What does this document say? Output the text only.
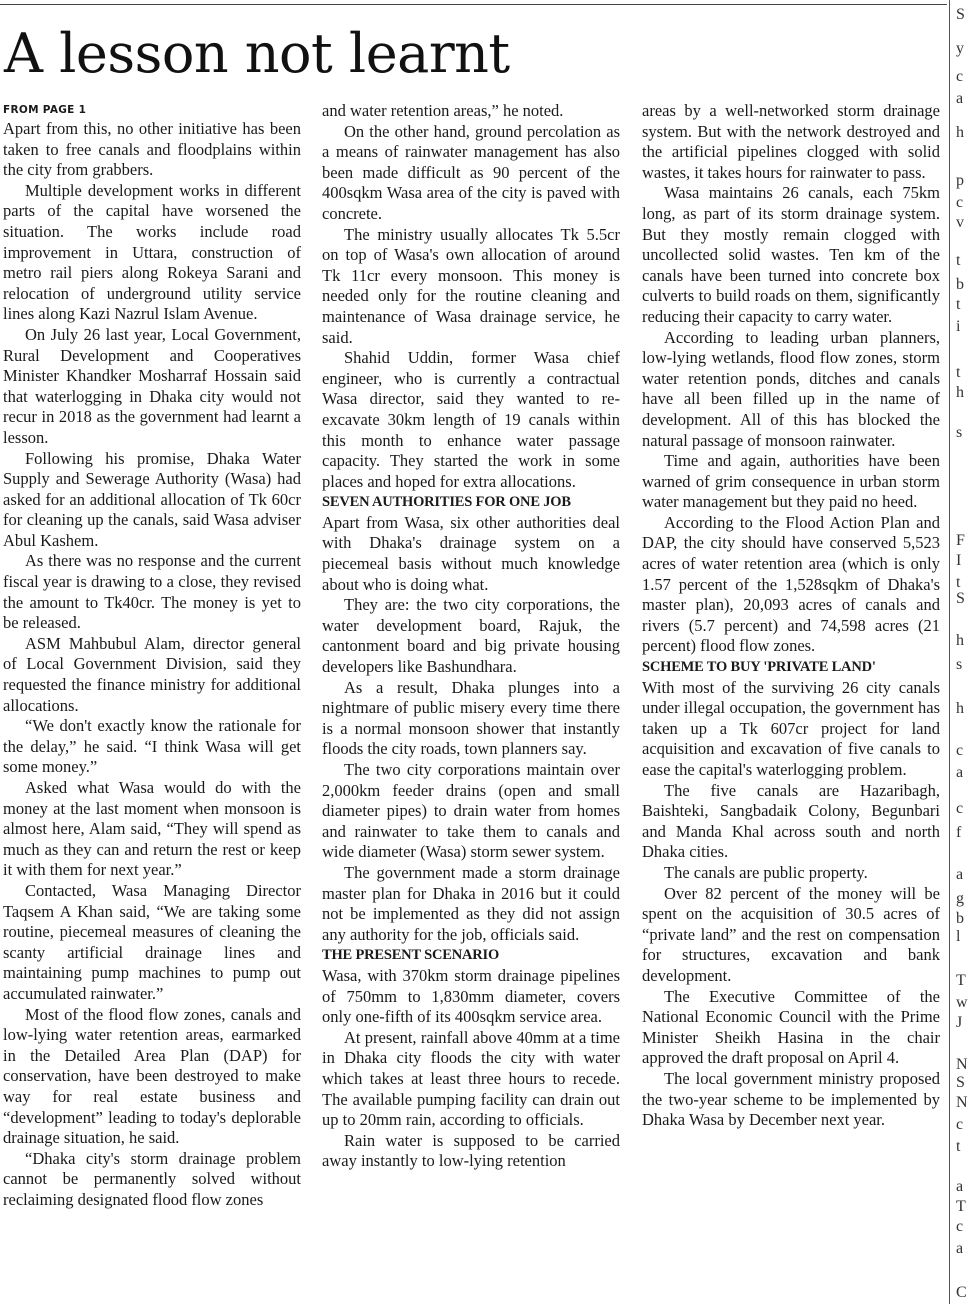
A lesson not learnt
FROM PAGE 1

Apart from this, no other initiative has been taken to free canals and floodplains within the city from grabbers.

Multiple development works in different parts of the capital have worsened the situation. The works include road improvement in Uttara, construction of metro rail piers along Rokeya Sarani and relocation of underground utility service lines along Kazi Nazrul Islam Avenue.

On July 26 last year, Local Government, Rural Development and Cooperatives Minister Khandker Mosharraf Hossain said that waterlogging in Dhaka city would not recur in 2018 as the government had learnt a lesson.

Following his promise, Dhaka Water Supply and Sewerage Authority (Wasa) had asked for an additional allocation of Tk 60cr for cleaning up the canals, said Wasa adviser Abul Kashem.

As there was no response and the current fiscal year is drawing to a close, they revised the amount to Tk40cr. The money is yet to be released.

ASM Mahbubul Alam, director general of Local Government Division, said they requested the finance ministry for additional allocations.

“We don't exactly know the rationale for the delay,” he said. “I think Wasa will get some money.”

Asked what Wasa would do with the money at the last moment when monsoon is almost here, Alam said, “They will spend as much as they can and return the rest or keep it with them for next year.”

Contacted, Wasa Managing Director Taqsem A Khan said, “We are taking some routine, piecemeal measures of cleaning the scanty artificial drainage lines and maintaining pump machines to pump out accumulated rainwater.”

Most of the flood flow zones, canals and low-lying water retention areas, earmarked in the Detailed Area Plan (DAP) for conservation, have been destroyed to make way for real estate business and “development” leading to today's deplorable drainage situation, he said.

“Dhaka city's storm drainage problem cannot be permanently solved without reclaiming designated flood flow zones

and water retention areas,” he noted.

On the other hand, ground percolation as a means of rainwater management has also been made difficult as 90 percent of the 400sqkm Wasa area of the city is paved with concrete.

The ministry usually allocates Tk 5.5cr on top of Wasa's own allocation of around Tk 11cr every monsoon. This money is needed only for the routine cleaning and maintenance of Wasa drainage service, he said.

Shahid Uddin, former Wasa chief engineer, who is currently a contractual Wasa director, said they wanted to re-excavate 30km length of 19 canals within this month to enhance water passage capacity. They started the work in some places and hoped for extra allocations.

SEVEN AUTHORITIES FOR ONE JOB

Apart from Wasa, six other authorities deal with Dhaka's drainage system on a piecemeal basis without much knowledge about who is doing what.

They are: the two city corporations, the water development board, Rajuk, the cantonment board and big private housing developers like Bashundhara.

As a result, Dhaka plunges into a nightmare of public misery every time there is a normal monsoon shower that instantly floods the city roads, town planners say.

The two city corporations maintain over 2,000km feeder drains (open and small diameter pipes) to drain water from homes and rainwater to take them to canals and wide diameter (Wasa) storm sewer system.

The government made a storm drainage master plan for Dhaka in 2016 but it could not be implemented as they did not assign any authority for the job, officials said.

THE PRESENT SCENARIO

Wasa, with 370km storm drainage pipelines of 750mm to 1,830mm diameter, covers only one-fifth of its 400sqkm service area.

At present, rainfall above 40mm at a time in Dhaka city floods the city with water which takes at least three hours to recede. The available pumping facility can drain out up to 20mm rain, according to officials.

Rain water is supposed to be carried away instantly to low-lying retention

areas by a well-networked storm drainage system. But with the network destroyed and the artificial pipelines clogged with solid wastes, it takes hours for rainwater to pass.

Wasa maintains 26 canals, each 75km long, as part of its storm drainage system. But they mostly remain clogged with uncollected solid wastes. Ten km of the canals have been turned into concrete box culverts to build roads on them, significantly reducing their capacity to carry water.

According to leading urban planners, low-lying wetlands, flood flow zones, storm water retention ponds, ditches and canals have all been filled up in the name of development. All of this has blocked the natural passage of monsoon rainwater.

Time and again, authorities have been warned of grim consequence in urban storm water management but they paid no heed.

According to the Flood Action Plan and DAP, the city should have conserved 5,523 acres of water retention area (which is only 1.57 percent of the 1,528sqkm of Dhaka's master plan), 20,093 acres of canals and rivers (5.7 percent) and 74,598 acres (21 percent) flood flow zones.

SCHEME TO BUY 'PRIVATE LAND'

With most of the surviving 26 city canals under illegal occupation, the government has taken up a Tk 607cr project for land acquisition and excavation of five canals to ease the capital's waterlogging problem.

The five canals are Hazaribagh, Baishteki, Sangbadaik Colony, Begunbari and Manda Khal across south and north Dhaka cities.

The canals are public property.

Over 82 percent of the money will be spent on the acquisition of 30.5 acres of “private land” and the rest on compensation for structures, excavation and bank development.

The Executive Committee of the National Economic Council with the Prime Minister Sheikh Hasina in the chair approved the draft proposal on April 4.

The local government ministry proposed the two-year scheme to be implemented by Dhaka Wasa by December next year.

S
y
c
a
h
p
c
v
t
b
t
i
t
h
s
F
I
t
S
h
s
h
c
a
c
f
a
g
b
l
T
w
J
N
S
N
c
t
a
T
c
a
C
